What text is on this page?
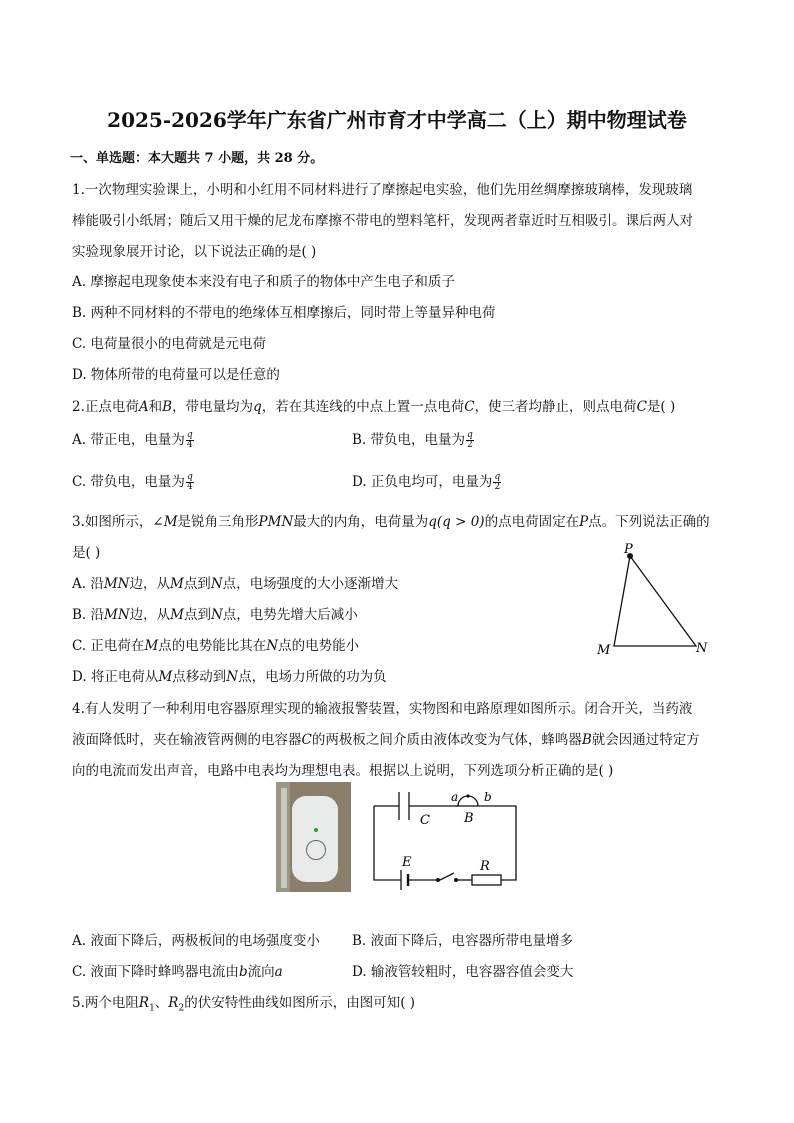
2025-2026学年广东省广州市育才中学高二（上）期中物理试卷
一、单选题：本大题共 7 小题，共 28 分。
1.一次物理实验课上，小明和小红用不同材料进行了摩擦起电实验，他们先用丝绸摩擦玻璃棒，发现玻璃
棒能吸引小纸屑；随后又用干燥的尼龙布摩擦不带电的塑料笔杆，发现两者靠近时互相吸引。课后两人对
实验现象展开讨论，以下说法正确的是( )
A. 摩擦起电现象使本来没有电子和质子的物体中产生电子和质子
B. 两种不同材料的不带电的绝缘体互相摩擦后，同时带上等量异种电荷
C. 电荷量很小的电荷就是元电荷
D. 物体所带的电荷量可以是任意的
2.正点电荷A和B，带电量均为q，若在其连线的中点上置一点电荷C，使三者均静止，则点电荷C是( )
A. 带正电，电量为 $\frac{q}{4}$	B. 带负电，电量为 $\frac{q}{2}$
C. 带负电，电量为 $\frac{q}{4}$	D. 正负电均可，电量为 $\frac{q}{2}$
3.如图所示，∠M是锐角三角形PMN最大的内角，电荷量为q(q > 0)的点电荷固定在P点。下列说法正确的
是( )
A. 沿MN边，从M点到N点，电场强度的大小逐渐增大
B. 沿MN边，从M点到N点，电势先增大后减小
C. 正电荷在M点的电势能比其在N点的电势能小
D. 将正电荷从M点移动到N点，电场力所做的功为负
P
M	N
4.有人发明了一种利用电容器原理实现的输液报警装置，实物图和电路原理如图所示。闭合开关，当药液
液面降低时，夹在输液管两侧的电容器C的两极板之间介质由液体改变为气体，蜂鸣器B就会因通过特定方
向的电流而发出声音，电路中电表均为理想电表。根据以上说明，下列选项分析正确的是( )
a b
C	B
E	R
A. 液面下降后，两极板间的电场强度变小 B. 液面下降后，电容器所带电量增多
C. 液面下降时蜂鸣器电流由b流向a	D. 输液管较粗时，电容器容值会变大
5.两个电阻$R_1$、$R_2$的伏安特性曲线如图所示，由图可知( )
